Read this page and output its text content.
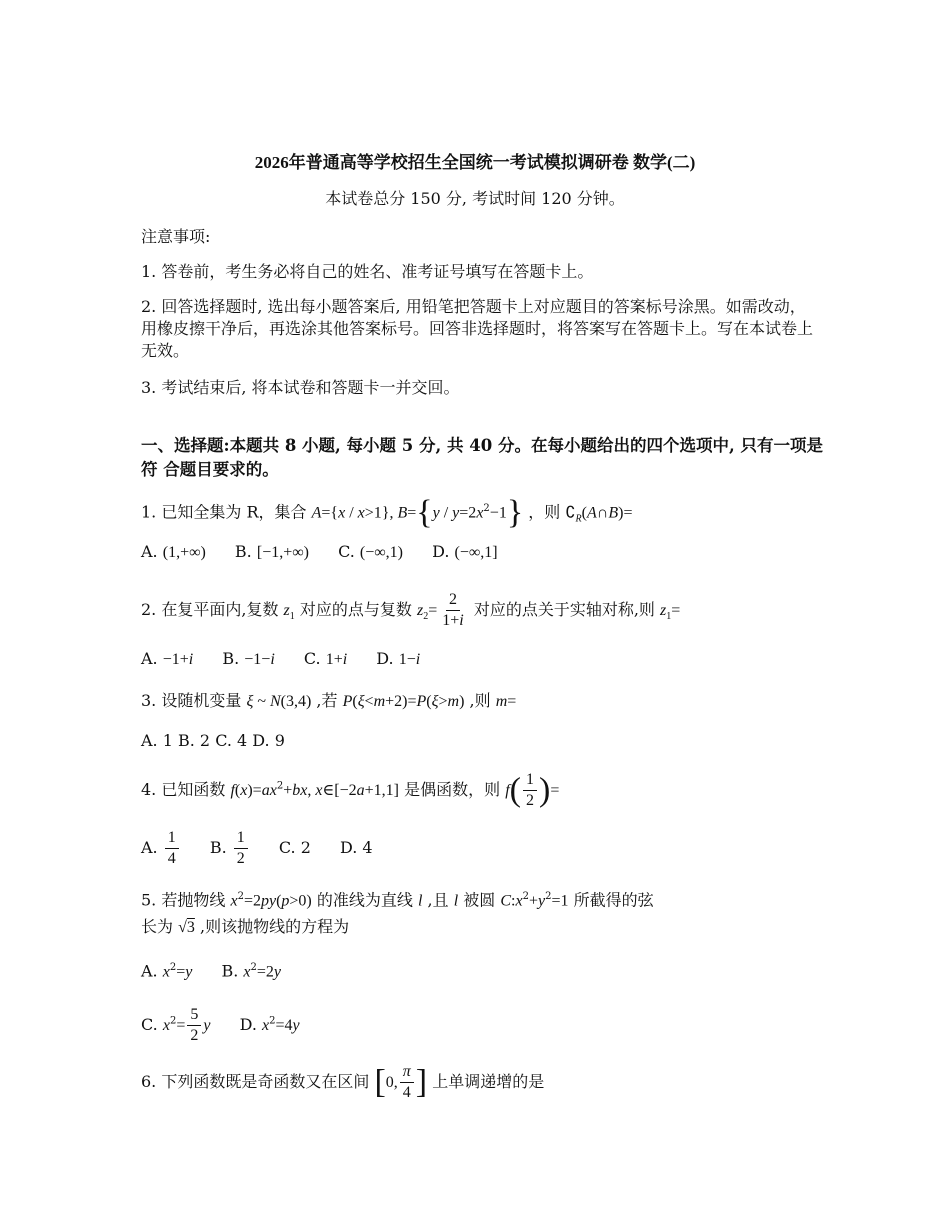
2026年普通高等学校招生全国统一考试模拟调研卷 数学(二)
本试卷总分 150 分, 考试时间 120 分钟。
注意事项:
1. 答卷前，考生务必将自己的姓名、准考证号填写在答题卡上。
2. 回答选择题时, 选出每小题答案后, 用铅笔把答题卡上对应题目的答案标号涂黑。如需改动，用橡皮擦干净后，再选涂其他答案标号。回答非选择题时，将答案写在答题卡上。写在本试卷上无效。
3. 考试结束后, 将本试卷和答题卡一并交回。
一、选择题:本题共 8 小题, 每小题 5 分, 共 40 分。在每小题给出的四个选项中, 只有一项是符 合题目要求的。
1. 已知全集为 R，集合 A={x / x>1}, $B=\{y / y=2x^2-1\}$ ，则 $∁_R(A\cap B)=$
A. (1,+∞) B. [−1,+∞) C. (−∞,1) D. (−∞,1]
2. 在复平面内,复数 $z_1$ 对应的点与复数 $z_2= \frac{2}{1+i}$ 对应的点关于实轴对称,则 $z_1=$
A. −1+i B. −1−i C. 1+i D. 1−i
3. 设随机变量 ξ ~ N(3,4) ,若 P(ξ<m+2)=P(ξ>m) ,则 m=
A. 1 B. 2 C. 4 D. 9
4. 已知函数 $f(x)=ax^2+bx$, x∈[−2a+1,1] 是偶函数，则 $f( \frac{1}{2}$ )=
A. $\frac{1}{4} B$. $\frac{1}{2} C$. 2 D. 4
5. 若抛物线 $x^2=2py(p>0)$ 的准线为直线 l ,且 l 被圆 $C:x^2+y^2=1$ 所截得的弦
长为 √3 ,则该抛物线的方程为
A. $x^2=y$ B. $x^2=2y$
C. $x^2= \frac{5}{2}$ y D. $x^2=4y$
6. 下列函数既是奇函数又在区间 [0, $\frac{\pi}{4}$ ] 上单调递增的是
